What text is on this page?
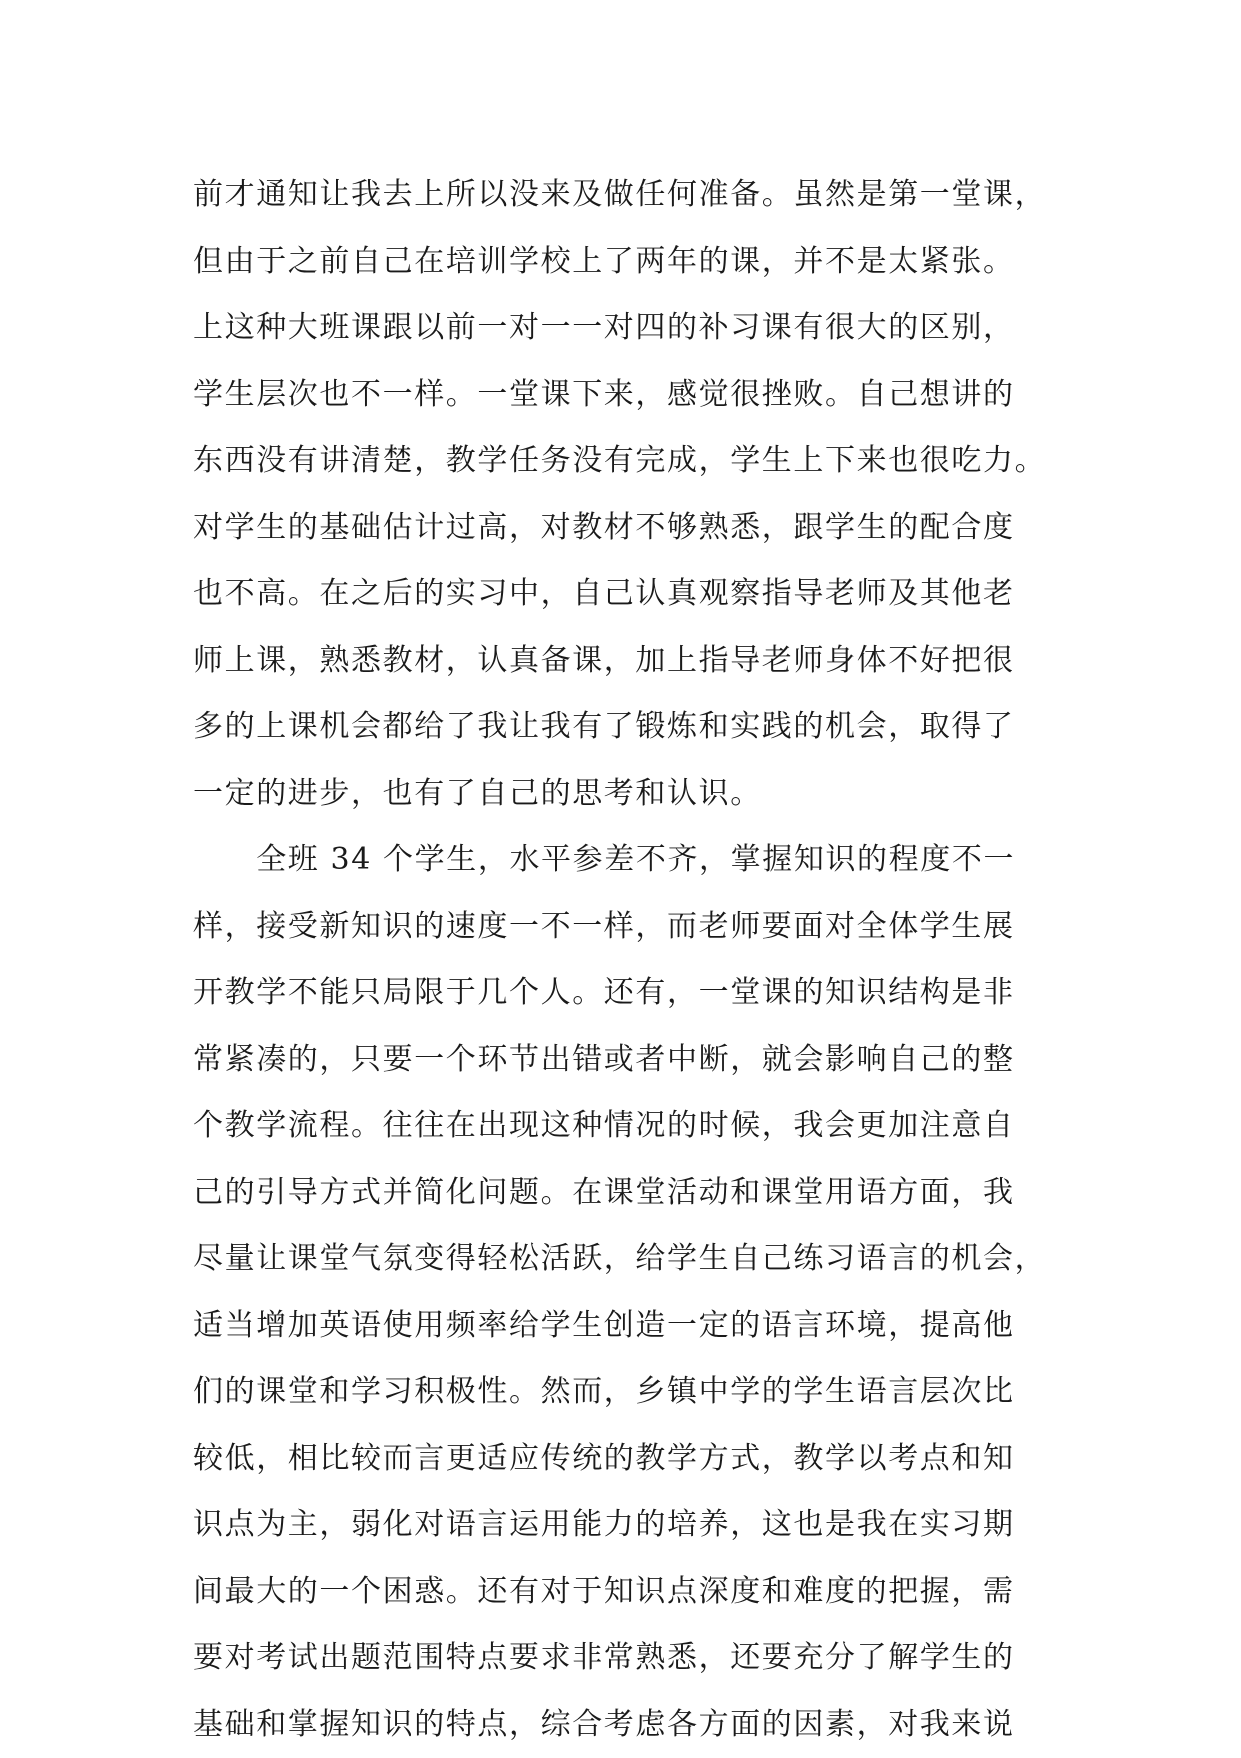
前才通知让我去上所以没来及做任何准备。虽然是第一堂课，
但由于之前自己在培训学校上了两年的课，并不是太紧张。
上这种大班课跟以前一对一一对四的补习课有很大的区别，
学生层次也不一样。一堂课下来，感觉很挫败。自己想讲的
东西没有讲清楚，教学任务没有完成，学生上下来也很吃力。
对学生的基础估计过高，对教材不够熟悉，跟学生的配合度
也不高。在之后的实习中，自己认真观察指导老师及其他老
师上课，熟悉教材，认真备课，加上指导老师身体不好把很
多的上课机会都给了我让我有了锻炼和实践的机会，取得了
一定的进步，也有了自己的思考和认识。
　　全班 34 个学生，水平参差不齐，掌握知识的程度不一
样，接受新知识的速度一不一样，而老师要面对全体学生展
开教学不能只局限于几个人。还有，一堂课的知识结构是非
常紧凑的，只要一个环节出错或者中断，就会影响自己的整
个教学流程。往往在出现这种情况的时候，我会更加注意自
己的引导方式并简化问题。在课堂活动和课堂用语方面，我
尽量让课堂气氛变得轻松活跃，给学生自己练习语言的机会，
适当增加英语使用频率给学生创造一定的语言环境，提高他
们的课堂和学习积极性。然而，乡镇中学的学生语言层次比
较低，相比较而言更适应传统的教学方式，教学以考点和知
识点为主，弱化对语言运用能力的培养，这也是我在实习期
间最大的一个困惑。还有对于知识点深度和难度的把握，需
要对考试出题范围特点要求非常熟悉，还要充分了解学生的
基础和掌握知识的特点，综合考虑各方面的因素，对我来说
